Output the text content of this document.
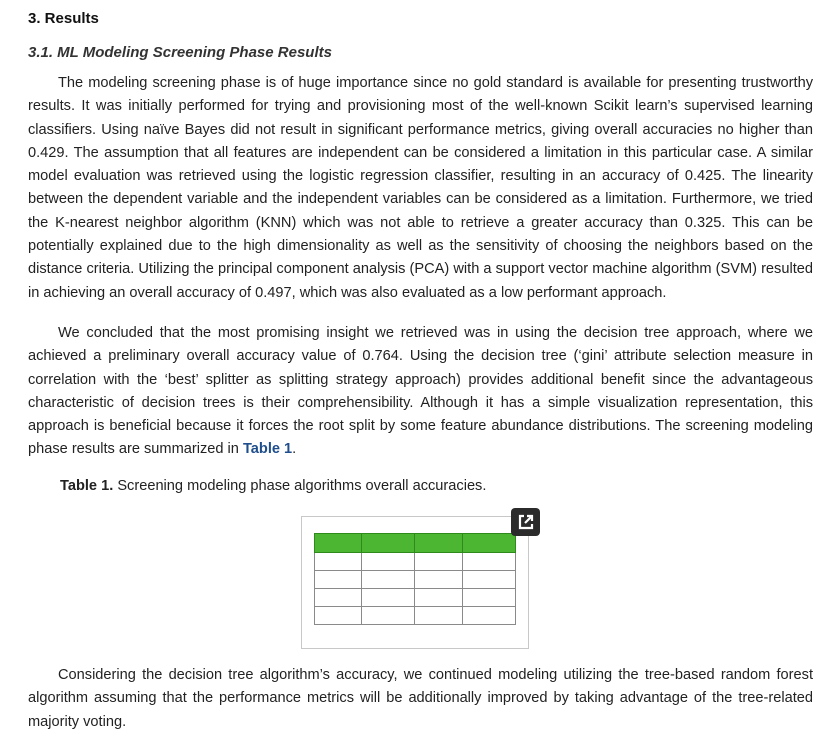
3. Results
3.1. ML Modeling Screening Phase Results

The modeling screening phase is of huge importance since no gold standard is available for presenting trustworthy results. It was initially performed for trying and provisioning most of the well-known Scikit learn’s supervised learning classifiers. Using naïve Bayes did not result in significant performance metrics, giving overall accuracies no higher than 0.429. The assumption that all features are independent can be considered a limitation in this particular case. A similar model evaluation was retrieved using the logistic regression classifier, resulting in an accuracy of 0.425. The linearity between the dependent variable and the independent variables can be considered as a limitation. Furthermore, we tried the K-nearest neighbor algorithm (KNN) which was not able to retrieve a greater accuracy than 0.325. This can be potentially explained due to the high dimensionality as well as the sensitivity of choosing the neighbors based on the distance criteria. Utilizing the principal component analysis (PCA) with a support vector machine algorithm (SVM) resulted in achieving an overall accuracy of 0.497, which was also evaluated as a low performant approach.

We concluded that the most promising insight we retrieved was in using the decision tree approach, where we achieved a preliminary overall accuracy value of 0.764. Using the decision tree (‘gini’ attribute selection measure in correlation with the ‘best’ splitter as splitting strategy approach) provides additional benefit since the advantageous characteristic of decision trees is their comprehensibility. Although it has a simple visualization representation, this approach is beneficial because it forces the root split by some feature abundance distributions. The screening modeling phase results are summarized in Table 1.

Table 1. Screening modeling phase algorithms overall accuracies.

Considering the decision tree algorithm’s accuracy, we continued modeling utilizing the tree-based random forest algorithm assuming that the performance metrics will be additionally improved by taking advantage of the tree-related majority voting.
